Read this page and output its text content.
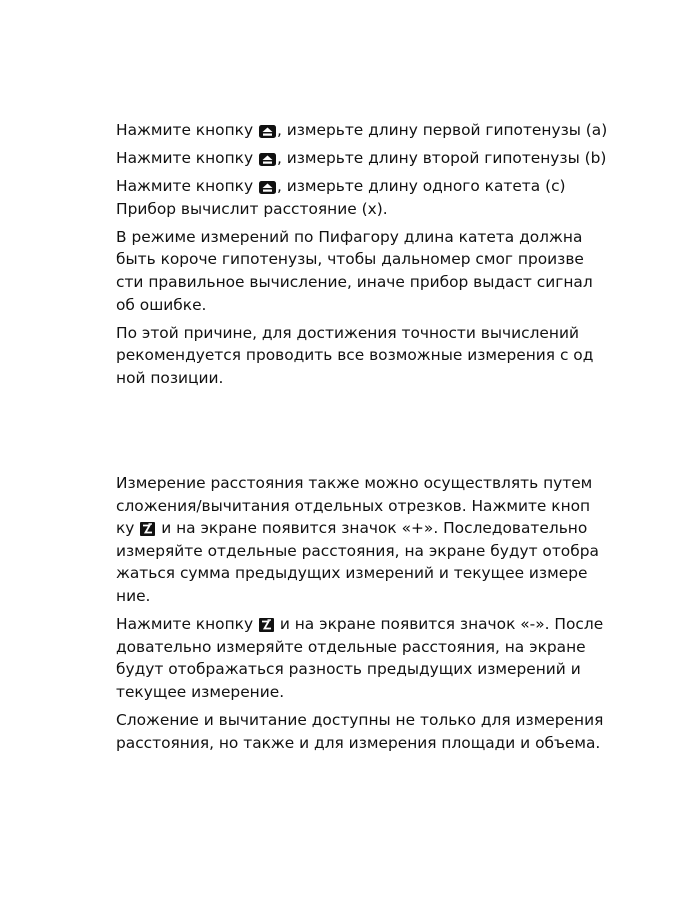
Нажмите кнопку , измерьте длину первой гипотенузы (a)
Нажмите кнопку , измерьте длину второй гипотенузы (b)
Нажмите кнопку , измерьте длину одного катета (c)
Прибор вычислит расстояние (x).
В режиме измерений по Пифагору длина катета должна
быть короче гипотенузы, чтобы дальномер смог произве
сти правильное вычисление, иначе прибор выдаст сигнал
об ошибке.
По этой причине, для достижения точности вычислений
рекомендуется проводить все возможные измерения с од
ной позиции.
Измерение расстояния также можно осуществлять путем
сложения/вычитания отдельных отрезков. Нажмите кноп
ку  и на экране появится значок «+». Последовательно
измеряйте отдельные расстояния, на экране будут отобра
жаться сумма предыдущих измерений и текущее измере
ние.
Нажмите кнопку  и на экране появится значок «-». После
довательно измеряйте отдельные расстояния, на экране
будут отображаться разность предыдущих измерений и
текущее измерение.
Сложение и вычитание доступны не только для измерения
расстояния, но также и для измерения площади и объема.
